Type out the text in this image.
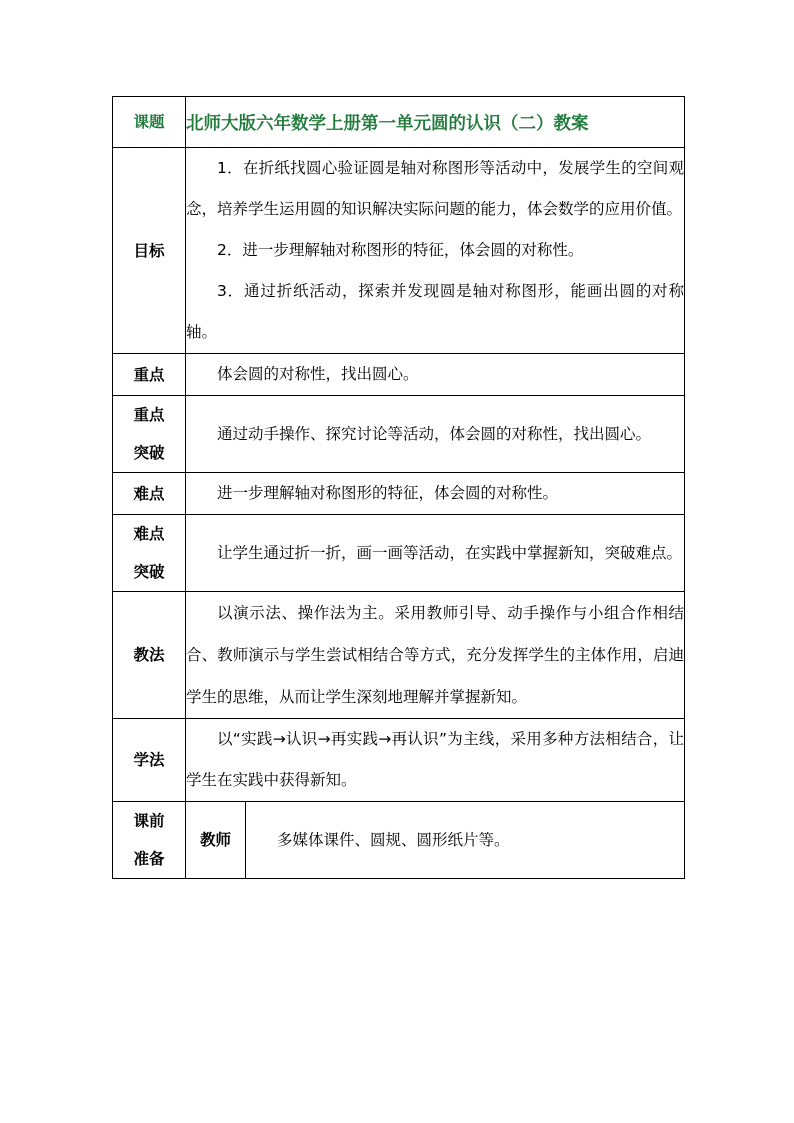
课题	北师大版六年数学上册第一单元圆的认识（二）教案	
目标	1．在折纸找圆心验证圆是轴对称图形等活动中，发展学生的空间观念，培养学生运用圆的知识解决实际问题的能力，体会数学的应用价值。

2．进一步理解轴对称图形的特征，体会圆的对称性。

3．通过折纸活动，探索并发现圆是轴对称图形，能画出圆的对称轴。	

重点	体会圆的对称性，找出圆心。	

重点
突破	通过动手操作、探究讨论等活动，体会圆的对称性，找出圆心。	

难点	进一步理解轴对称图形的特征，体会圆的对称性。	

难点
突破	让学生通过折一折，画一画等活动，在实践中掌握新知，突破难点。	

教法	以演示法、操作法为主。采用教师引导、动手操作与小组合作相结合、教师演示与学生尝试相结合等方式，充分发挥学生的主体作用，启迪学生的思维，从而让学生深刻地理解并掌握新知。	

学法	以“实践→认识→再实践→再认识”为主线，采用多种方法相结合，让学生在实践中获得新知。	

课前
准备	教师	多媒体课件、圆规、圆形纸片等。
